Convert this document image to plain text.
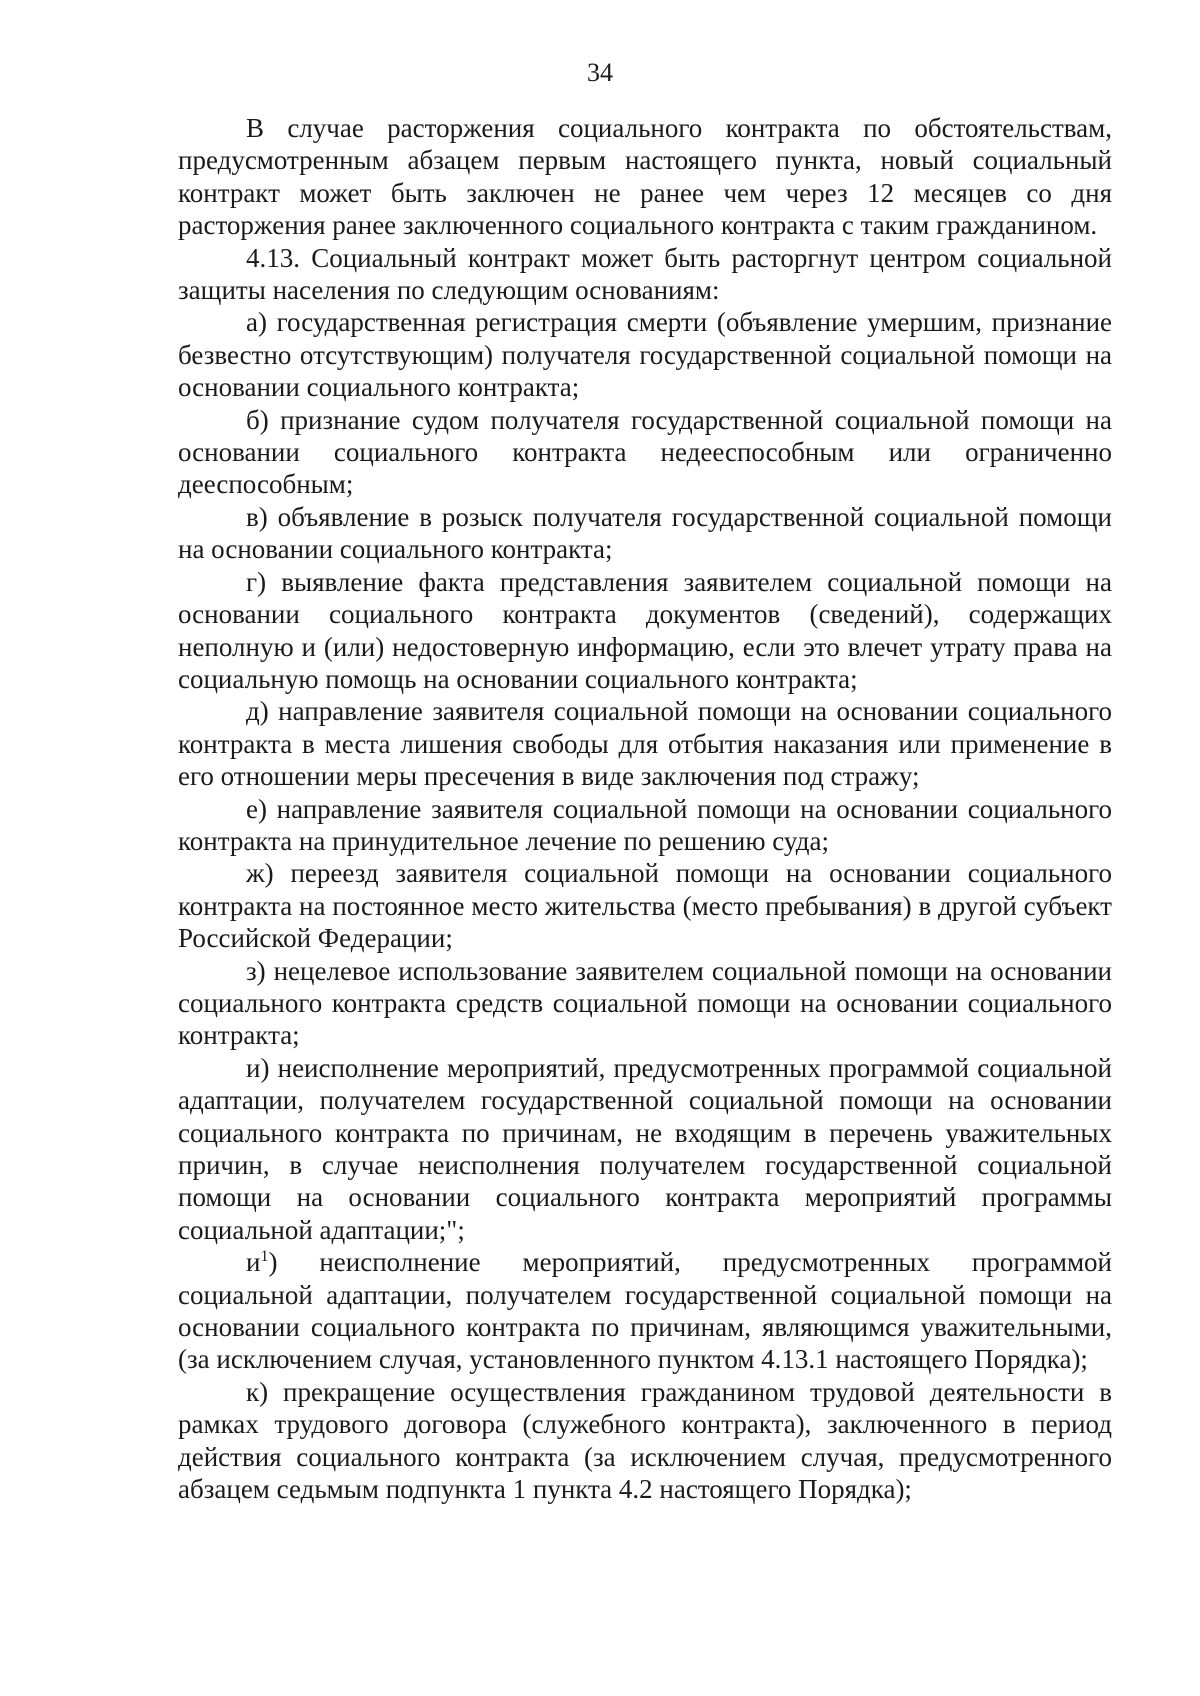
34

В случае расторжения социального контракта по обстоятельствам, предусмотренным абзацем первым настоящего пункта, новый социальный контракт может быть заключен не ранее чем через 12 месяцев со дня расторжения ранее заключенного социального контракта с таким гражданином.

4.13. Социальный контракт может быть расторгнут центром социальной защиты населения по следующим основаниям:

а) государственная регистрация смерти (объявление умершим, признание безвестно отсутствующим) получателя государственной социальной помощи на основании социального контракта;

б) признание судом получателя государственной социальной помощи на основании социального контракта недееспособным или ограниченно дееспособным;

в) объявление в розыск получателя государственной социальной помощи на основании социального контракта;

г) выявление факта представления заявителем социальной помощи на основании социального контракта документов (сведений), содержащих неполную и (или) недостоверную информацию, если это влечет утрату права на социальную помощь на основании социального контракта;

д) направление заявителя социальной помощи на основании социального контракта в места лишения свободы для отбытия наказания или применение в его отношении меры пресечения в виде заключения под стражу;

е) направление заявителя социальной помощи на основании социального контракта на принудительное лечение по решению суда;

ж) переезд заявителя социальной помощи на основании социального контракта на постоянное место жительства (место пребывания) в другой субъект Российской Федерации;

з) нецелевое использование заявителем социальной помощи на основании социального контракта средств социальной помощи на основании социального контракта;

и) неисполнение мероприятий, предусмотренных программой социальной адаптации, получателем государственной социальной помощи на основании социального контракта по причинам, не входящим в перечень уважительных причин, в случае неисполнения получателем государственной социальной помощи на основании социального контракта мероприятий программы социальной адаптации;";

$и^1$) неисполнение мероприятий, предусмотренных программой социальной адаптации, получателем государственной социальной помощи на основании социального контракта по причинам, являющимся уважительными, (за исключением случая, установленного пунктом 4.13.1 настоящего Порядка);

к) прекращение осуществления гражданином трудовой деятельности в рамках трудового договора (служебного контракта), заключенного в период действия социального контракта (за исключением случая, предусмотренного абзацем седьмым подпункта 1 пункта 4.2 настоящего Порядка);
